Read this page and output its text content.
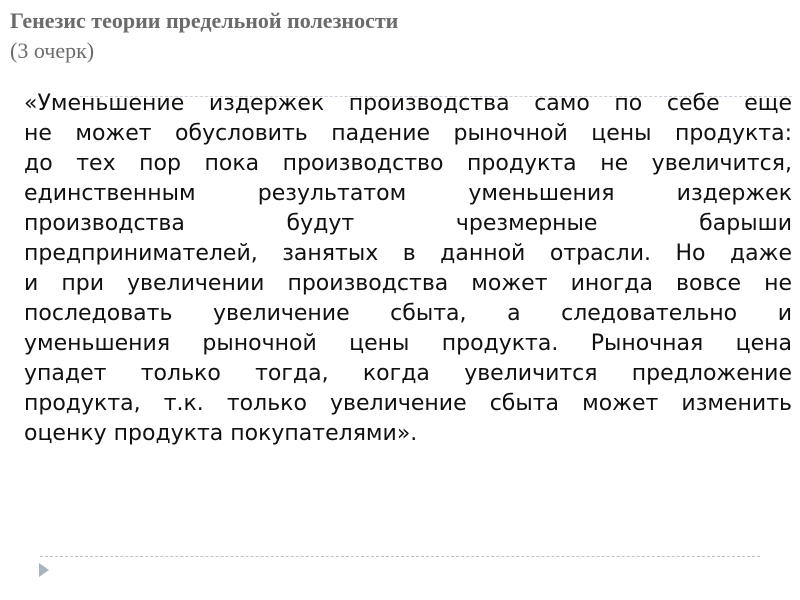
Генезис теории предельной полезности
(3 очерк)
«Уменьшение издержек производства само по себе еще
не может обусловить падение рыночной цены продукта:
до тех пор пока производство продукта не увеличится,
единственным результатом уменьшения издержек
производства будут чрезмерные барыши
предпринимателей, занятых в данной отрасли. Но даже
и при увеличении производства может иногда вовсе не
последовать увеличение сбыта, а следовательно и
уменьшения рыночной цены продукта. Рыночная цена
упадет только тогда, когда увеличится предложение
продукта, т.к. только увеличение сбыта может изменить
оценку продукта покупателями».
